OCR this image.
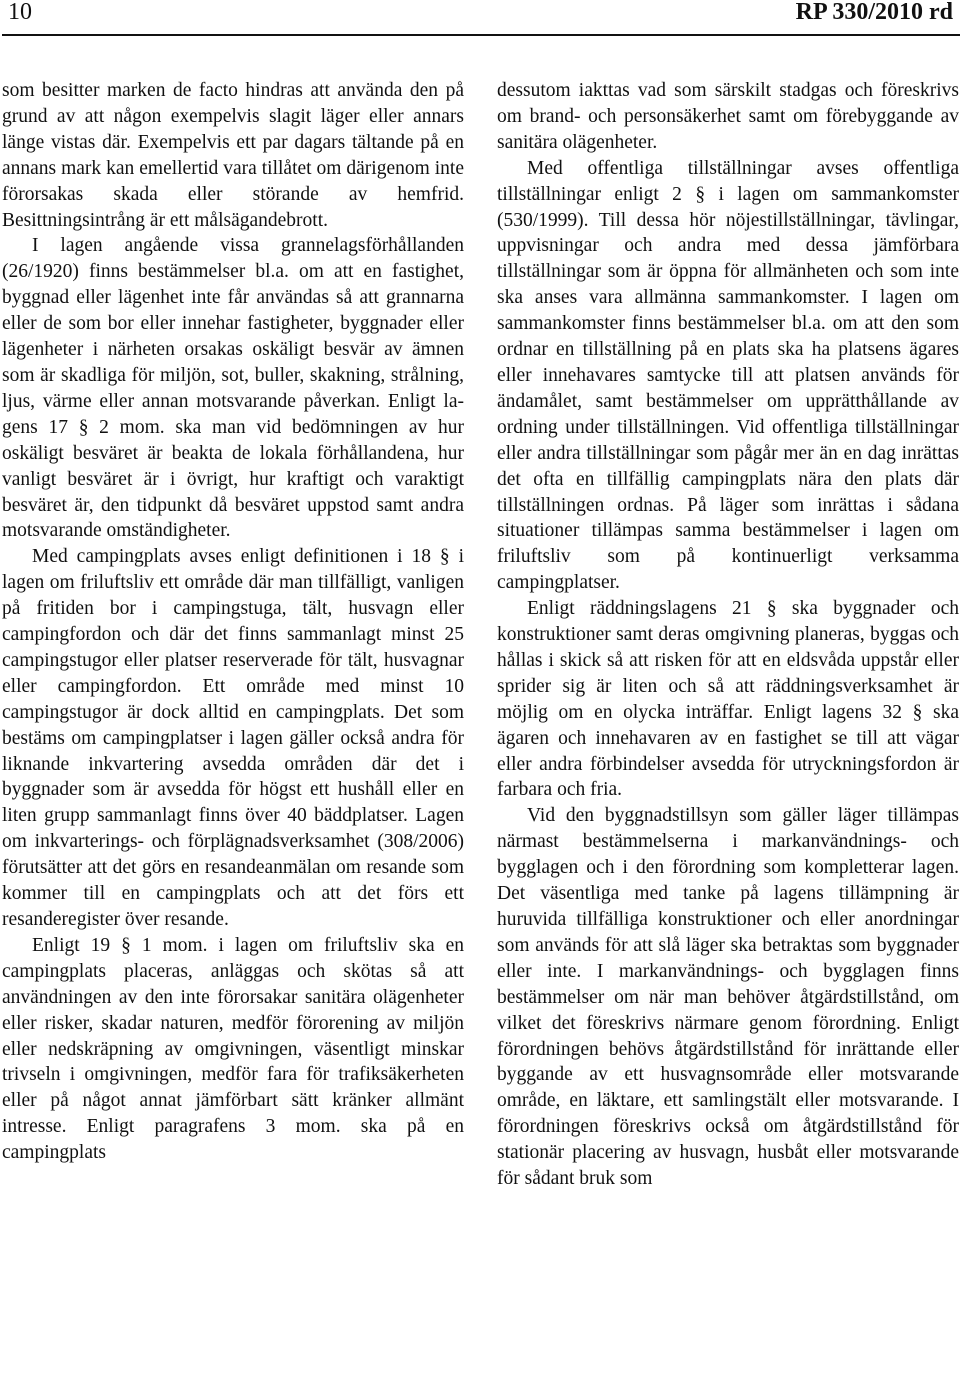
10	RP 330/2010 rd

som besitter marken de facto hindras att använda den på grund av att någon exempelvis slagit läger eller annars länge vistas där. Exempelvis ett par dagars tältande på en annans mark kan emellertid vara tillåtet om därigenom inte förorsakas skada eller störande av hemfrid. Besittningsintrång är ett målsägandebrott.

I lagen angående vissa grannelagsförhållanden (26/1920) finns bestämmelser bl.a. om att en fastighet, byggnad eller lägenhet inte får användas så att grannarna eller de som bor eller innehar fastigheter, byggnader eller lägenheter i närheten orsakas oskäligt besvär av ämnen som är skadliga för miljön, sot, buller, skakning, strålning, ljus, värme eller annan motsvarande påverkan. Enligt lagens 17 § 2 mom. ska man vid bedömningen av hur oskäligt besväret är beakta de lokala förhållandena, hur vanligt besväret är i övrigt, hur kraftigt och varaktigt besväret är, den tidpunkt då besväret uppstod samt andra motsvarande omständigheter.

Med campingplats avses enligt definitionen i 18 § i lagen om friluftsliv ett område där man tillfälligt, vanligen på fritiden bor i campingstuga, tält, husvagn eller campingfordon och där det finns sammanlagt minst 25 campingstugor eller platser reserverade för tält, husvagnar eller campingfordon. Ett område med minst 10 campingstugor är dock alltid en campingplats. Det som bestäms om campingplatser i lagen gäller också andra för liknande inkvartering avsedda områden där det i byggnader som är avsedda för högst ett hushåll eller en liten grupp sammanlagt finns över 40 bäddplatser. Lagen om inkvarterings- och förplägnadsverksamhet (308/2006) förutsätter att det görs en resandeanmälan om resande som kommer till en campingplats och att det förs ett resanderegister över resande.

Enligt 19 § 1 mom. i lagen om friluftsliv ska en campingplats placeras, anläggas och skötas så att användningen av den inte förorsakar sanitära olägenheter eller risker, skadar naturen, medför förorening av miljön eller nedskräpning av omgivningen, väsentligt minskar trivseln i omgivningen, medför fara för trafiksäkerheten eller på något annat jämförbart sätt kränker allmänt intresse. Enligt paragrafens 3 mom. ska på en campingplats

dessutom iakttas vad som särskilt stadgas och föreskrivs om brand- och personsäkerhet samt om förebyggande av sanitära olägenheter.

Med offentliga tillställningar avses offentliga tillställningar enligt 2 § i lagen om sammankomster (530/1999). Till dessa hör nöjestillställningar, tävlingar, uppvisningar och andra med dessa jämförbara tillställningar som är öppna för allmänheten och som inte ska anses vara allmänna sammankomster. I lagen om sammankomster finns bestämmelser bl.a. om att den som ordnar en tillställning på en plats ska ha platsens ägares eller innehavares samtycke till att platsen används för ändamålet, samt bestämmelser om upprätthållande av ordning under tillställningen. Vid offentliga tillställningar eller andra tillställningar som pågår mer än en dag inrättas det ofta en tillfällig campingplats nära den plats där tillställningen ordnas. På läger som inrättas i sådana situationer tillämpas samma bestämmelser i lagen om friluftsliv som på kontinuerligt verksamma campingplatser.

Enligt räddningslagens 21 § ska byggnader och konstruktioner samt deras omgivning planeras, byggas och hållas i skick så att risken för att en eldsvåda uppstår eller sprider sig är liten och så att räddningsverksamhet är möjlig om en olycka inträffar. Enligt lagens 32 § ska ägaren och innehavaren av en fastighet se till att vägar eller andra förbindelser avsedda för utryckningsfordon är farbara och fria.

Vid den byggnadstillsyn som gäller läger tillämpas närmast bestämmelserna i markanvändnings- och bygglagen och i den förordning som kompletterar lagen. Det väsentliga med tanke på lagens tillämpning är huruvida tillfälliga konstruktioner och eller anordningar som används för att slå läger ska betraktas som byggnader eller inte. I markanvändnings- och bygglagen finns bestämmelser om när man behöver åtgärdstillstånd, om vilket det föreskrivs närmare genom förordning. Enligt förordningen behövs åtgärdstillstånd för inrättande eller byggande av ett husvagnsområde eller motsvarande område, en läktare, ett samlingstält eller motsvarande. I förordningen föreskrivs också om åtgärdstillstånd för stationär placering av husvagn, husbåt eller motsvarande för sådant bruk som
